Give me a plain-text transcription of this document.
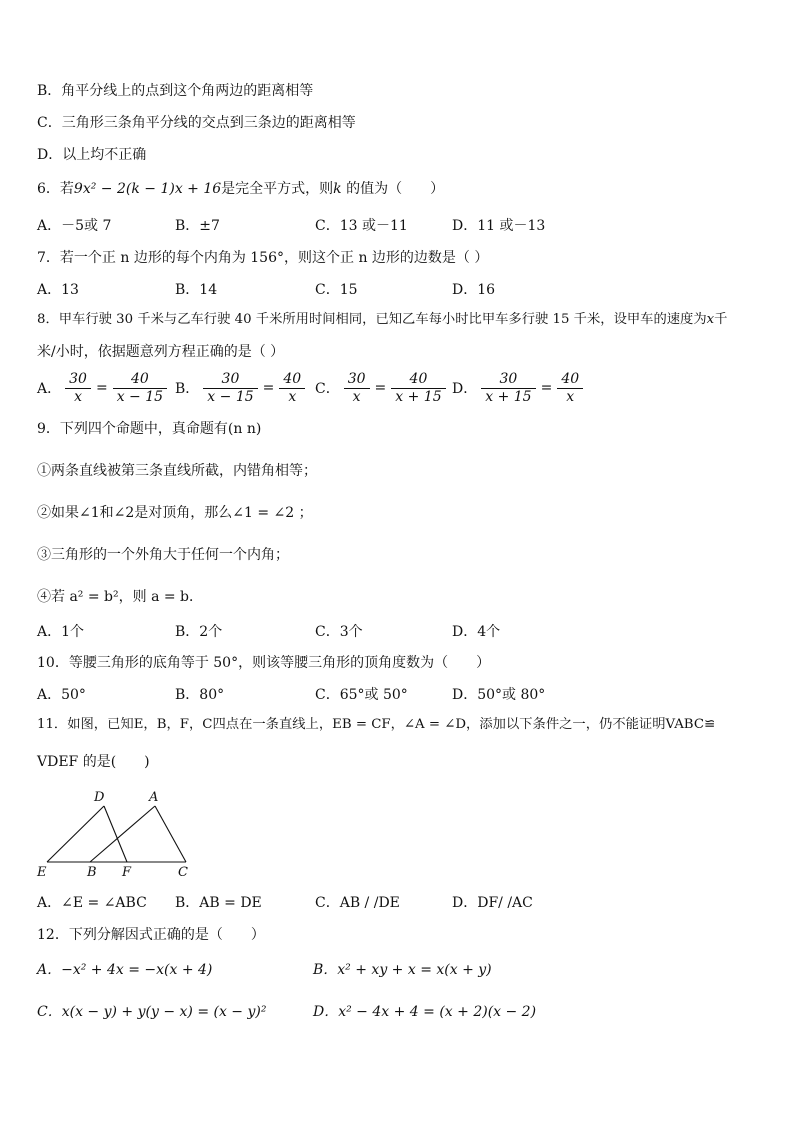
B．角平分线上的点到这个角两边的距离相等
C．三角形三条角平分线的交点到三条边的距离相等
D．以上均不正确
6．若9x² − 2(k − 1)x + 16是完全平方式，则k 的值为（　　）
A．－5或 7	B．±7	C．13 或－11	D．11 或－13
7．若一个正 n 边形的每个内角为 156°，则这个正 n 边形的边数是（ ）
A．13	B．14	C．15	D．16
8．甲车行驶 30 千米与乙车行驶 40 千米所用时间相同，已知乙车每小时比甲车多行驶 15 千米，设甲车的速度为x千
米/小时，依据题意列方程正确的是（ ）
A． $\frac{30}{x} = \frac{40}{x - 15}$ B． $\frac{30}{x - 15} = \frac{40}{x}$ C． $\frac{30}{x} = \frac{40}{x + 15}$ D． $\frac{30}{x + 15} = \frac{40}{x}$
9．下列四个命题中，真命题有(n n)
①两条直线被第三条直线所截，内错角相等；
②如果∠1和∠2是对顶角，那么∠1 = ∠2 ；
③三角形的一个外角大于任何一个内角；
④若 a² = b²，则 a = b．
A．1个	B．2个	C．3个	D．4个
10．等腰三角形的底角等于 50°，则该等腰三角形的顶角度数为（　　）
A．50°	B．80°	C．65°或 50°	D．50°或 80°
11．如图，已知E，B，F，C四点在一条直线上，EB = CF，∠A = ∠D，添加以下条件之一，仍不能证明VABC≌
VDEF 的是(　　)
D	A
E	B F	C
A．∠E = ∠ABC B．AB = DE	C．AB / /DE	D．DF/ /AC
12．下列分解因式正确的是（　　）
A．−x² + 4x = −x(x + 4)	B．x² + xy + x = x(x + y)
C．x(x − y) + y(y − x) = (x − y)²	D．x² − 4x + 4 = (x + 2)(x − 2)
